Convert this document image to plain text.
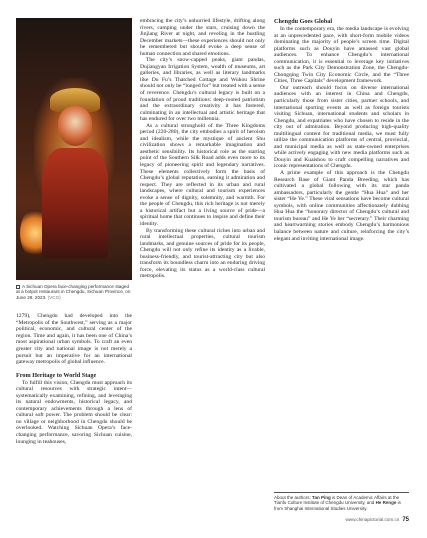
A Sichuan Opera face-changing performance staged at a hotpot restaurant in Chengdu, Sichuan Province, on June 29, 2023. (VCG)

1279), Chengdu had developed into the “Metropolis of the Southwest,” serving as a major political, economic, and cultural center of the region. Time and again, it has been one of China’s most aspirational urban symbols. To craft an even greater city and national image is not merely a pursuit but an imperative for an international gateway metropolis of global influence.

From Heritage to World Stage

To fulfill this vision, Chengdu must approach its cultural resources with strategic intent—systematically examining, refining, and leveraging its natural endowments, historical legacy, and contemporary achievements through a lens of cultural soft power. The problem should be clear: no village or neighborhood in Chengdu should be overlooked. Watching Sichuan Opera’s face-changing performance, savoring Sichuan cuisine, lounging in teahouses,

embracing the city’s unhurried lifestyle, drifting along rivers, camping under the stars, cruising down the Jinjiang River at night, and reveling in the bustling December markets—these experiences should not only be remembered but should evoke a deep sense of human connection and shared emotions.

The city’s snow-capped peaks, giant pandas, Dujiangyan Irrigation System, wealth of museums, art galleries, and libraries, as well as literary landmarks like Du Fu’s Thatched Cottage and Wuhou Shrine should not only be “longed for” but treated with a sense of reverence. Chengdu’s cultural legacy is built on a foundation of proud traditions: deep-rooted patriotism and the extraordinary creativity it has fostered, culminating in an intellectual and artistic heritage that has endured for over two millennia.

As a cultural stronghold of the Three Kingdoms period (220-280), the city embodies a spirit of heroism and idealism, while the mystique of ancient Shu civilization shows a remarkable imagination and aesthetic sensibility. Its historical role as the starting point of the Southern Silk Road adds even more to its legacy of pioneering spirit and legendary narratives. These elements collectively form the basis of Chengdu’s global reputation, earning it admiration and respect. They are reflected in its urban and rural landscapes, where cultural and tourism experiences evoke a sense of dignity, solemnity, and warmth. For the people of Chengdu, this rich heritage is not merely a historical artifact but a living source of pride—a spiritual home that continues to inspire and define their identity.

By transforming these cultural riches into urban and rural intellectual properties, cultural tourism landmarks, and genuine sources of pride for its people, Chengdu will not only refine its identity as a livable, business-friendly, and tourist-attracting city but also transform its boundless charm into an enduring driving force, elevating its status as a world-class cultural metropolis.

Chengdu Goes Global

In the contemporary era, the media landscape is evolving at an unprecedented pace, with short-form mobile videos dominating the majority of people’s screen time. Digital platforms such as Douyin have amassed vast global audiences. To enhance Chengdu’s international communication, it is essential to leverage key initiatives such as the Park City Demonstration Zone, the Chengdu-Chongqing Twin City Economic Circle, and the “Three Cities, Three Capitals” development framework.

Our outreach should focus on diverse international audiences with an interest in China and Chengdu, particularly those from sister cities, partner schools, and international sporting events as well as foreign tourists visiting Sichuan, international students and scholars in Chengdu, and expatriates who have chosen to reside in the city out of admiration. Beyond producing high-quality multilingual content for traditional media, we must fully utilize the communication platforms of central, provincial, and municipal media as well as state-owned enterprises while actively engaging with new media platforms such as Douyin and Kuaishou to craft compelling narratives and iconic representations of Chengdu.

A prime example of this approach is the Chengdu Research Base of Giant Panda Breeding, which has cultivated a global following with its star panda ambassadors, particularly the gentle “Hua Hua” and her sister “He Ye.” These viral sensations have become cultural symbols, with online communities affectionately dubbing Hua Hua the “honorary director of Chengdu’s cultural and tourism bureau” and He Ye her “secretary.” Their charming and heartwarming stories embody Chengdu’s harmonious balance between nature and culture, reinforcing the city’s elegant and inviting international image.

About the authors: Tan Ping is Dean of Academic Affairs at the Tianfu Culture Institute of Chengdu University, and He Renge is from Shanghai International Studies University.
www.chinapictorial.com.cn 75
